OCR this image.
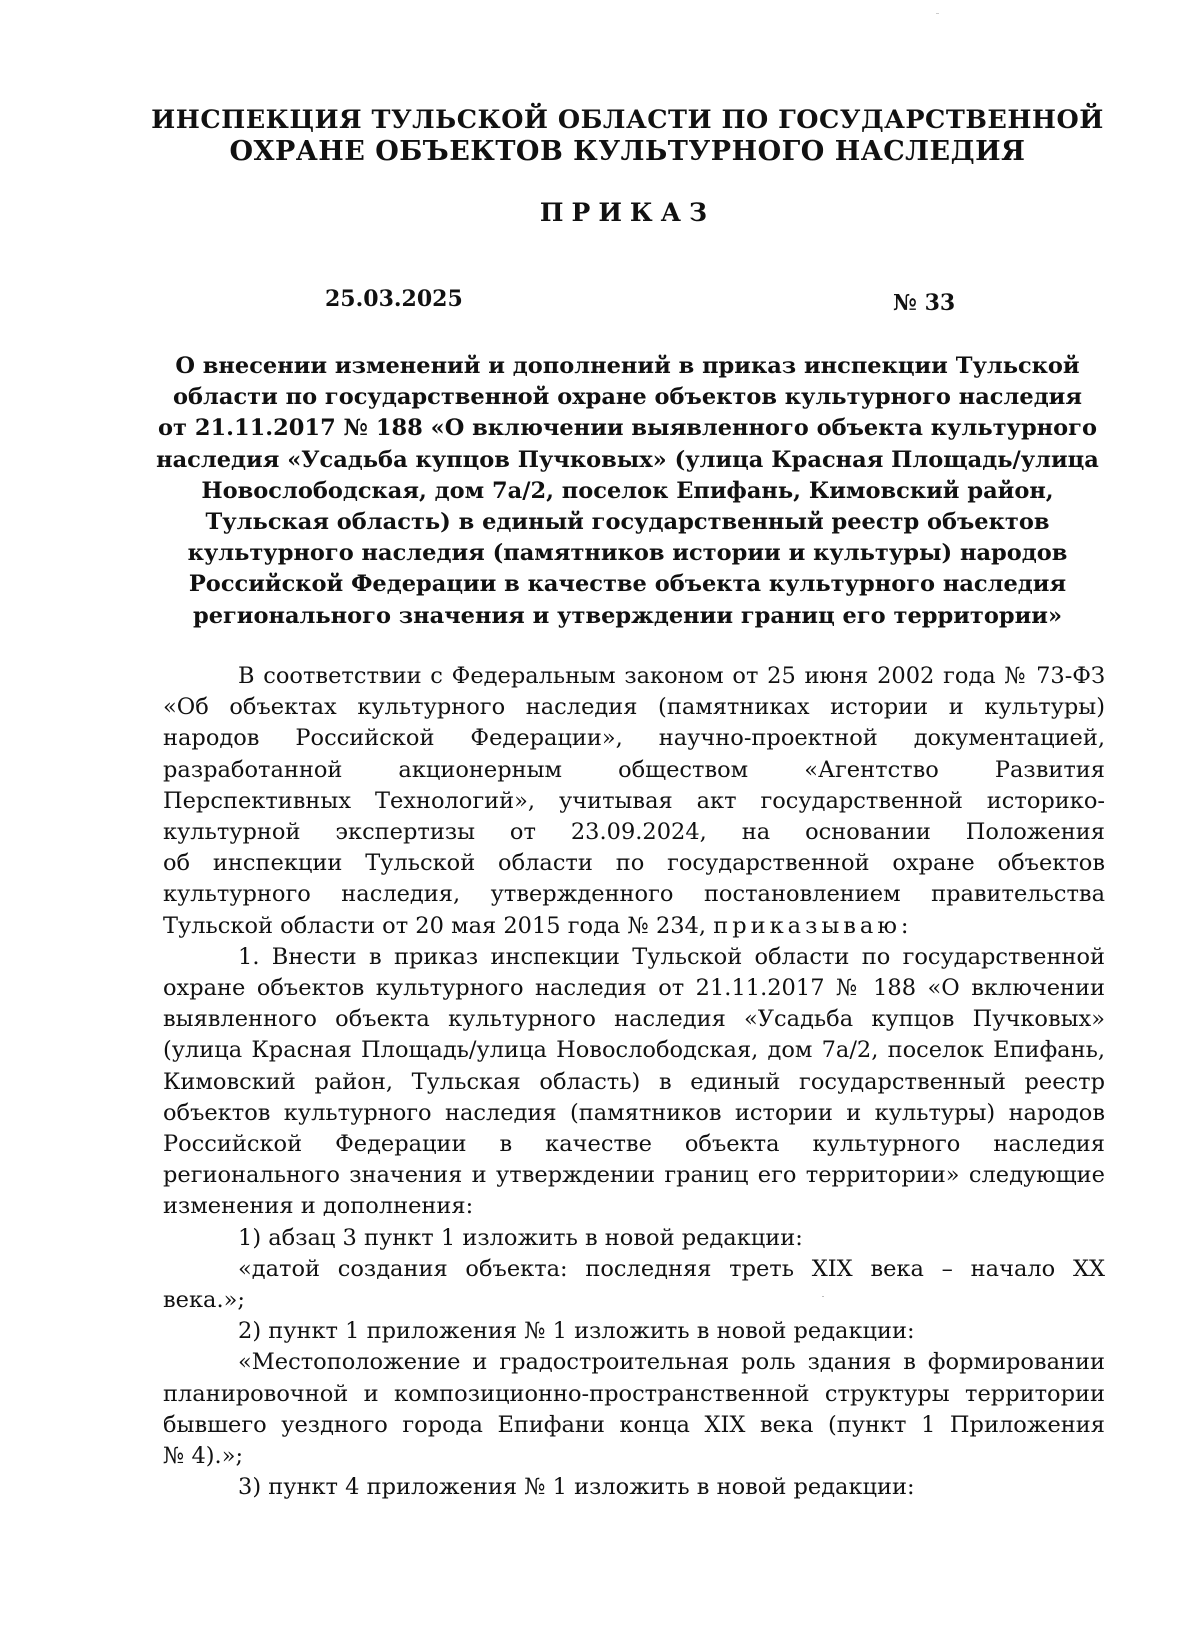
ИНСПЕКЦИЯ ТУЛЬСКОЙ ОБЛАСТИ ПО ГОСУДАРСТВЕННОЙ
ОХРАНЕ ОБЪЕКТОВ КУЛЬТУРНОГО НАСЛЕДИЯ
ПРИКАЗ
25.03.2025	№ 33
О внесении изменений и дополнений в приказ инспекции Тульской
области по государственной охране объектов культурного наследия
от 21.11.2017 № 188 «О включении выявленного объекта культурного
наследия «Усадьба купцов Пучковых» (улица Красная Площадь/улица
Новослободская, дом 7а/2, поселок Епифань, Кимовский район,
Тульская область) в единый государственный реестр объектов
культурного наследия (памятников истории и культуры) народов
Российской Федерации в качестве объекта культурного наследия
регионального значения и утверждении границ его территории»
В соответствии с Федеральным законом от 25 июня 2002 года № 73-ФЗ
«Об объектах культурного наследия (памятниках истории и культуры)
народов Российской Федерации», научно-проектной документацией,
разработанной акционерным обществом «Агентство Развития
Перспективных Технологий», учитывая акт государственной историко-
культурной экспертизы от 23.09.2024, на основании Положения
об инспекции Тульской области по государственной охране объектов
культурного наследия, утвержденного постановлением правительства
Тульской области от 20 мая 2015 года № 234, приказываю:
1. Внести в приказ инспекции Тульской области по государственной
охране объектов культурного наследия от 21.11.2017 № 188 «О включении
выявленного объекта культурного наследия «Усадьба купцов Пучковых»
(улица Красная Площадь/улица Новослободская, дом 7а/2, поселок Епифань,
Кимовский район, Тульская область) в единый государственный реестр
объектов культурного наследия (памятников истории и культуры) народов
Российской Федерации в качестве объекта культурного наследия
регионального значения и утверждении границ его территории» следующие
изменения и дополнения:
1) абзац 3 пункт 1 изложить в новой редакции:
«датой создания объекта: последняя треть XIX века – начало XX
века.»;
2) пункт 1 приложения № 1 изложить в новой редакции:
«Местоположение и градостроительная роль здания в формировании
планировочной и композиционно-пространственной структуры территории
бывшего уездного города Епифани конца XIX века (пункт 1 Приложения
№ 4).»;
3) пункт 4 приложения № 1 изложить в новой редакции:
